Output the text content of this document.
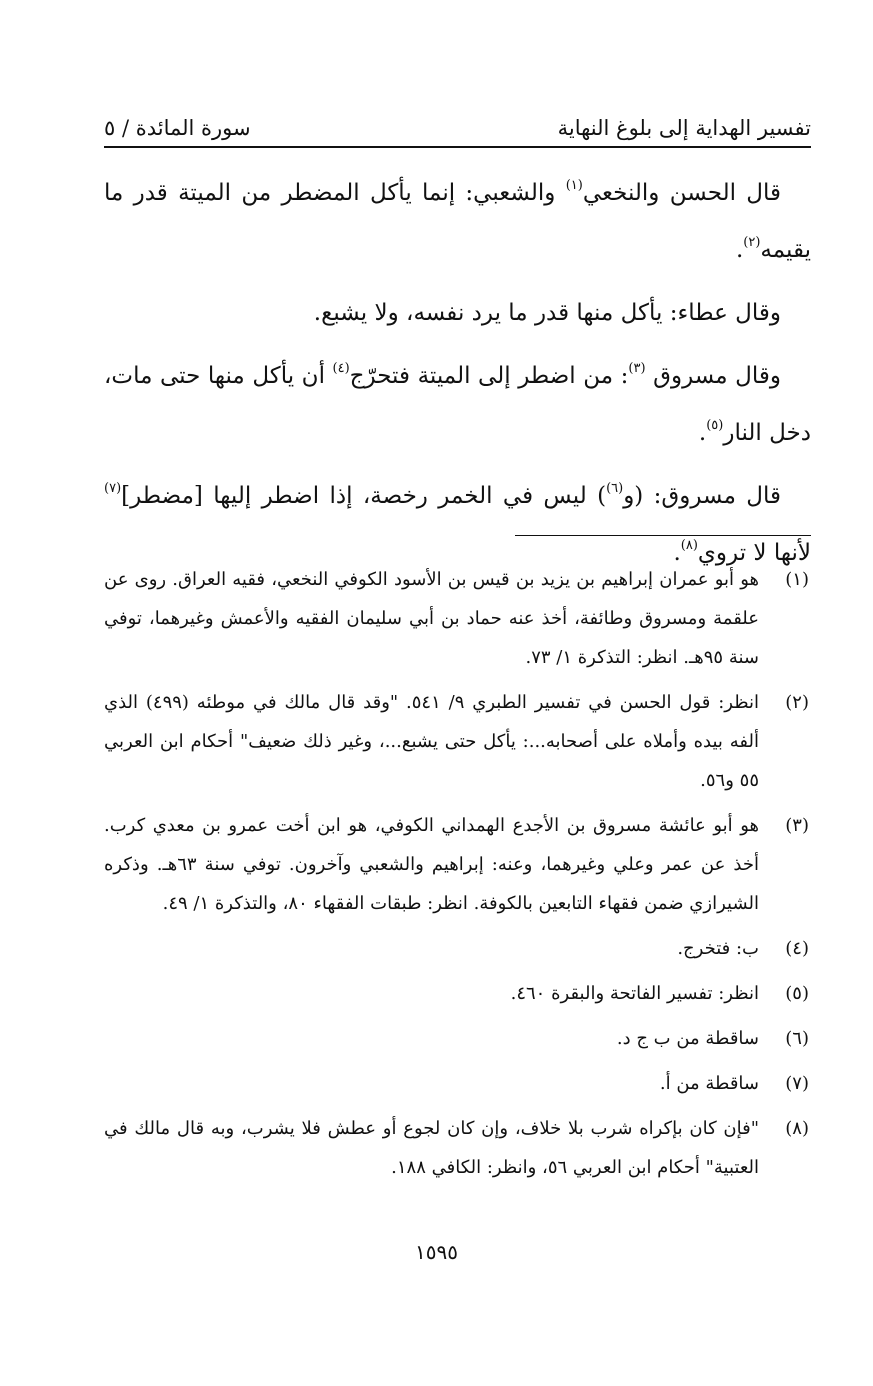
تفسير الهداية إلى بلوغ النهاية
سورة المائدة / ٥

قال الحسن والنخعي$^{(١)}$ والشعبي: إنما يأكل المضطر من الميتة قدر ما يقيمه$^{(٢)}$.

وقال عطاء: يأكل منها قدر ما يرد نفسه، ولا يشبع.

وقال مسروق $^{(٣)}$: من اضطر إلى الميتة فتحرّج$^{(٤)}$ أن يأكل منها حتى مات، دخل النار$^{(٥)}$.

قال مسروق: (و$^{(٦)}$) ليس في الخمر رخصة، إذا اضطر إليها [مضطر]$^{(٧)}$ لأنها لا تروي$^{(٨)}$.

(١)
هو أبو عمران إبراهيم بن يزيد بن قيس بن الأسود الكوفي النخعي، فقيه العراق. روى عن علقمة ومسروق وطائفة، أخذ عنه حماد بن أبي سليمان الفقيه والأعمش وغيرهما، توفي سنة ٩٥هـ. انظر: التذكرة ١/ ٧٣.
(٢)
انظر: قول الحسن في تفسير الطبري ٩/ ٥٤١. "وقد قال مالك في موطئه (٤٩٩) الذي ألفه بيده وأملاه على أصحابه...: يأكل حتى يشبع...، وغير ذلك ضعيف" أحكام ابن العربي ٥٥ و٥٦.
(٣)
هو أبو عائشة مسروق بن الأجدع الهمداني الكوفي، هو ابن أخت عمرو بن معدي كرب. أخذ عن عمر وعلي وغيرهما، وعنه: إبراهيم والشعبي وآخرون. توفي سنة ٦٣هـ. وذكره الشيرازي ضمن فقهاء التابعين بالكوفة. انظر: طبقات الفقهاء ٨٠، والتذكرة ١/ ٤٩.
(٤)
ب: فتخرج.
(٥)
انظر: تفسير الفاتحة والبقرة ٤٦٠.
(٦)
ساقطة من ب ج د.
(٧)
ساقطة من أ.
(٨)
"فإن كان بإكراه شرب بلا خلاف، وإن كان لجوع أو عطش فلا يشرب، وبه قال مالك في العتبية" أحكام ابن العربي ٥٦، وانظر: الكافي ١٨٨.
١٥٩٥
